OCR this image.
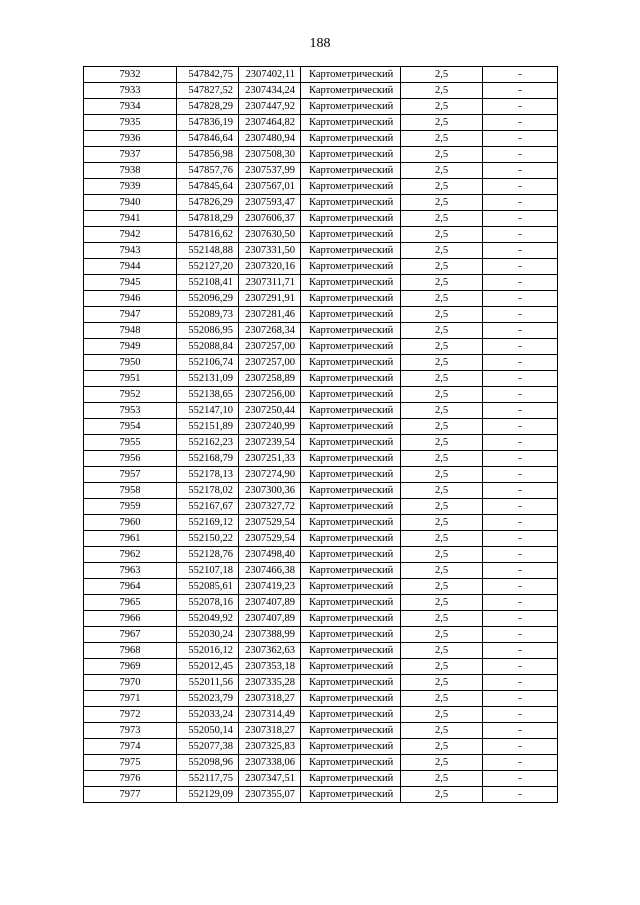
188
7932	547842,75	2307402,11	Картометрический	2,5	-
7933	547827,52	2307434,24	Картометрический	2,5	-
7934	547828,29	2307447,92	Картометрический	2,5	-
7935	547836,19	2307464,82	Картометрический	2,5	-
7936	547846,64	2307480,94	Картометрический	2,5	-
7937	547856,98	2307508,30	Картометрический	2,5	-
7938	547857,76	2307537,99	Картометрический	2,5	-
7939	547845,64	2307567,01	Картометрический	2,5	-
7940	547826,29	2307593,47	Картометрический	2,5	-
7941	547818,29	2307606,37	Картометрический	2,5	-
7942	547816,62	2307630,50	Картометрический	2,5	-
7943	552148,88	2307331,50	Картометрический	2,5	-
7944	552127,20	2307320,16	Картометрический	2,5	-
7945	552108,41	2307311,71	Картометрический	2,5	-
7946	552096,29	2307291,91	Картометрический	2,5	-
7947	552089,73	2307281,46	Картометрический	2,5	-
7948	552086,95	2307268,34	Картометрический	2,5	-
7949	552088,84	2307257,00	Картометрический	2,5	-
7950	552106,74	2307257,00	Картометрический	2,5	-
7951	552131,09	2307258,89	Картометрический	2,5	-
7952	552138,65	2307256,00	Картометрический	2,5	-
7953	552147,10	2307250,44	Картометрический	2,5	-
7954	552151,89	2307240,99	Картометрический	2,5	-
7955	552162,23	2307239,54	Картометрический	2,5	-
7956	552168,79	2307251,33	Картометрический	2,5	-
7957	552178,13	2307274,90	Картометрический	2,5	-
7958	552178,02	2307300,36	Картометрический	2,5	-
7959	552167,67	2307327,72	Картометрический	2,5	-
7960	552169,12	2307529,54	Картометрический	2,5	-
7961	552150,22	2307529,54	Картометрический	2,5	-
7962	552128,76	2307498,40	Картометрический	2,5	-
7963	552107,18	2307466,38	Картометрический	2,5	-
7964	552085,61	2307419,23	Картометрический	2,5	-
7965	552078,16	2307407,89	Картометрический	2,5	-
7966	552049,92	2307407,89	Картометрический	2,5	-
7967	552030,24	2307388,99	Картометрический	2,5	-
7968	552016,12	2307362,63	Картометрический	2,5	-
7969	552012,45	2307353,18	Картометрический	2,5	-
7970	552011,56	2307335,28	Картометрический	2,5	-
7971	552023,79	2307318,27	Картометрический	2,5	-
7972	552033,24	2307314,49	Картометрический	2,5	-
7973	552050,14	2307318,27	Картометрический	2,5	-
7974	552077,38	2307325,83	Картометрический	2,5	-
7975	552098,96	2307338,06	Картометрический	2,5	-
7976	552117,75	2307347,51	Картометрический	2,5	-
7977	552129,09	2307355,07	Картометрический	2,5	-
